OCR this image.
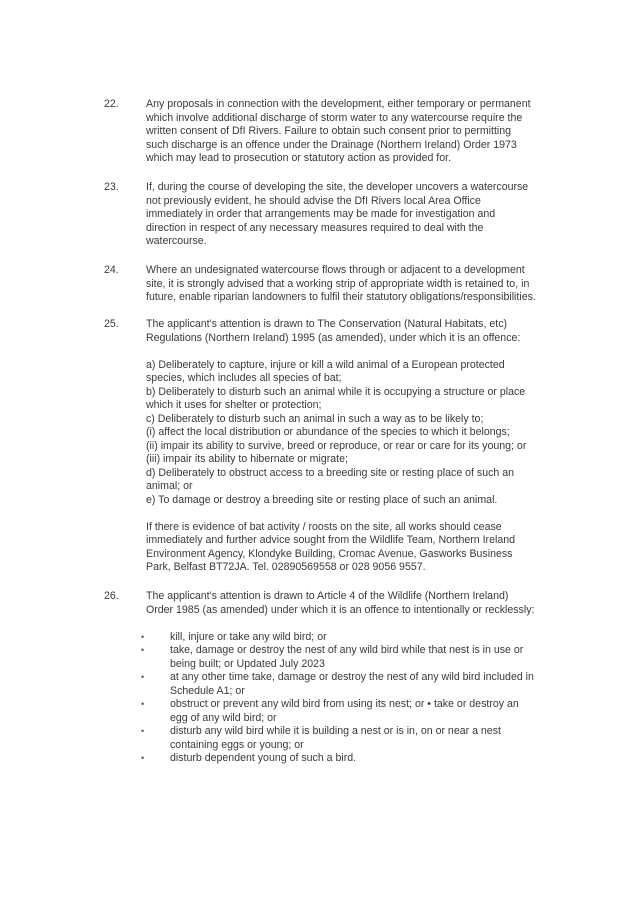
22.	Any proposals in connection with the development, either temporary or permanent
which involve additional discharge of storm water to any watercourse require the
written consent of DfI Rivers. Failure to obtain such consent prior to permitting
such discharge is an offence under the Drainage (Northern Ireland) Order 1973
which may lead to prosecution or statutory action as provided for.
23.	If, during the course of developing the site, the developer uncovers a watercourse
not previously evident, he should advise the DfI Rivers local Area Office
immediately in order that arrangements may be made for investigation and
direction in respect of any necessary measures required to deal with the
watercourse.
24.	Where an undesignated watercourse flows through or adjacent to a development
site, it is strongly advised that a working strip of appropriate width is retained to, in
future, enable riparian landowners to fulfil their statutory obligations/responsibilities.
25.	The applicant's attention is drawn to The Conservation (Natural Habitats, etc)
Regulations (Northern Ireland) 1995 (as amended), under which it is an offence:
a) Deliberately to capture, injure or kill a wild animal of a European protected
species, which includes all species of bat;
b) Deliberately to disturb such an animal while it is occupying a structure or place
which it uses for shelter or protection;
c) Deliberately to disturb such an animal in such a way as to be likely to;
(i) affect the local distribution or abundance of the species to which it belongs;
(ii) impair its ability to survive, breed or reproduce, or rear or care for its young; or
(iii) impair its ability to hibernate or migrate;
d) Deliberately to obstruct access to a breeding site or resting place of such an
animal; or
e) To damage or destroy a breeding site or resting place of such an animal.
If there is evidence of bat activity / roosts on the site, all works should cease
immediately and further advice sought from the Wildlife Team, Northern Ireland
Environment Agency, Klondyke Building, Cromac Avenue, Gasworks Business
Park, Belfast BT72JA. Tel. 02890569558 or 028 9056 9557.
26.	The applicant's attention is drawn to Article 4 of the Wildlife (Northern Ireland)
Order 1985 (as amended) under which it is an offence to intentionally or recklessly:
• kill, injure or take any wild bird; or
• take, damage or destroy the nest of any wild bird while that nest is in use or
being built; or Updated July 2023
• at any other time take, damage or destroy the nest of any wild bird included in
Schedule A1; or
• obstruct or prevent any wild bird from using its nest; or • take or destroy an
egg of any wild bird; or
• disturb any wild bird while it is building a nest or is in, on or near a nest
containing eggs or young; or
• disturb dependent young of such a bird.
